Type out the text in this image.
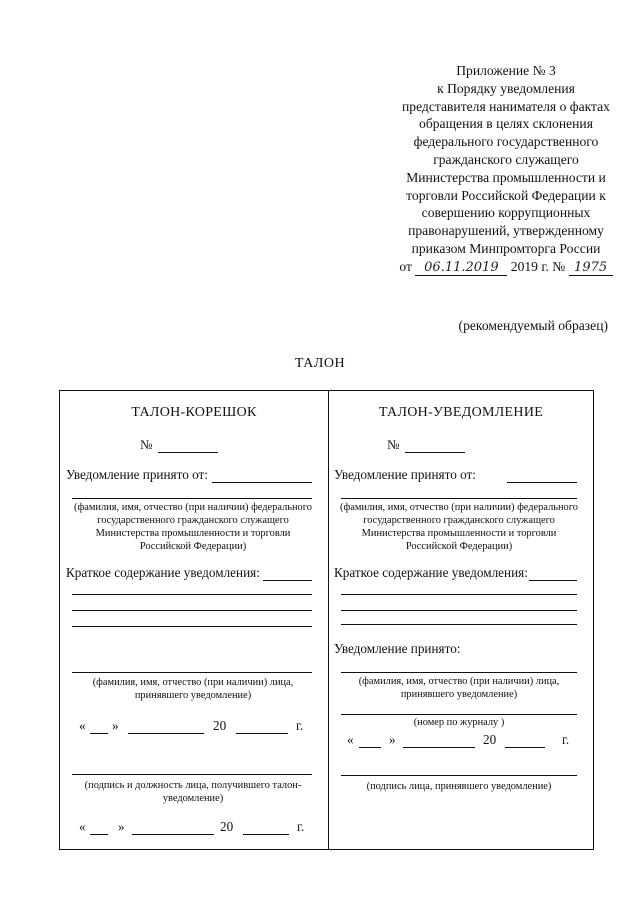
Приложение № 3
к Порядку уведомления
представителя нанимателя о фактах
обращения в целях склонения
федерального государственного
гражданского служащего
Министерства промышленности и
торговли Российской Федерации к
совершению коррупционных
правонарушений, утвержденному
приказом Минпромторга России
от 06.11.2019 2019 г. № 1975
(рекомендуемый образец)
ТАЛОН
ТАЛОН-КОРЕШОК
№
Уведомление принято от:
(фамилия, имя, отчество (при наличии) федерального государственного гражданского служащего Министерства промышленности и торговли Российской Федерации)
Краткое содержание уведомления:
(фамилия, имя, отчество (при наличии) лица, принявшего уведомление)
« »	20	г.
(подпись и должность лица, получившего талон-уведомление)
« »	20	г.
ТАЛОН-УВЕДОМЛЕНИЕ
№
Уведомление принято от:
(фамилия, имя, отчество (при наличии) федерального государственного гражданского служащего Министерства промышленности и торговли Российской Федерации)
Краткое содержание уведомления:
Уведомление принято:
(фамилия, имя, отчество (при наличии) лица, принявшего уведомление)
(номер по журналу )
«	»	20	г.
(подпись лица, принявшего уведомление)
